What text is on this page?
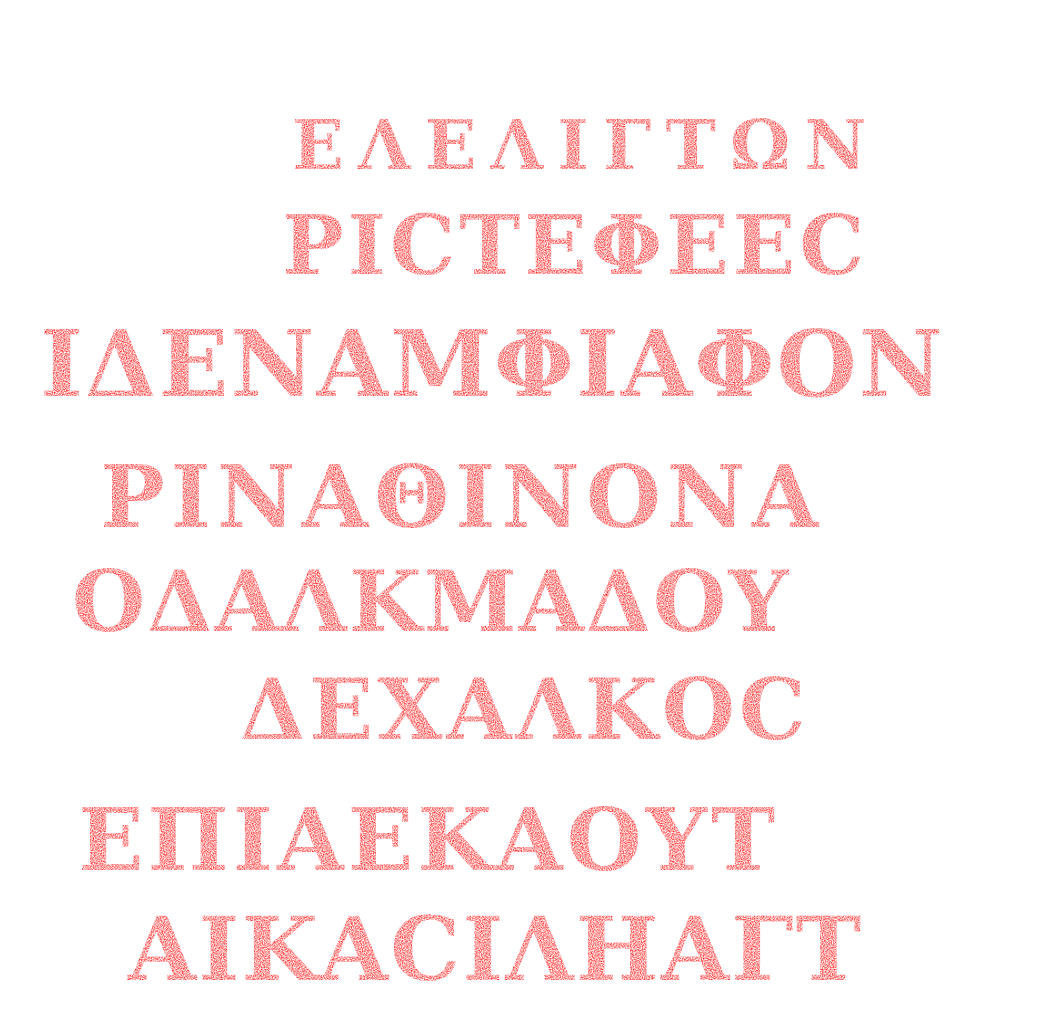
ΕΛΕΛΙΓΤΩΝ
ΡΙCΤΕΦΕΕC
ΙΔΕΝΑΜΦΙΑΦΟΝ
ΡΙΝΑΘΙΝΟΝΑ
ΟΔΑΛΚΜΑΔΟΥ
ΔΕΧΑΛΚΟC
ΕΠΙΑΕΚΑΟΥΤ
ΑΙΚΑCΙΛΗΑΓΤ
